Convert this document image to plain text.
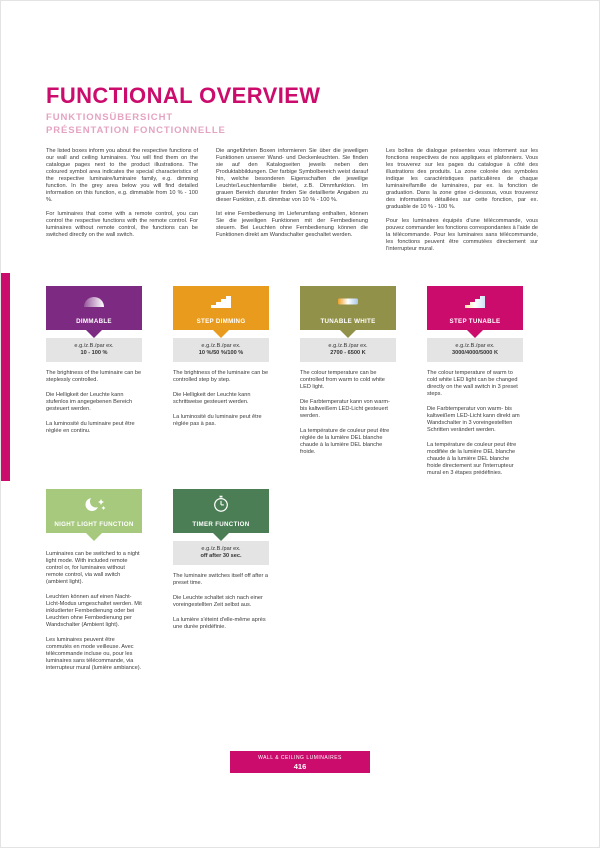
FUNCTIONAL OVERVIEW
FUNKTIONSÜBERSICHT
PRÉSENTATION FONCTIONNELLE

The listed boxes inform you about the respective functions of our wall and ceiling luminaires. You will find them on the catalogue pages next to the product illustrations. The coloured symbol area indicates the special characteristics of the respective luminaire/luminaire family, e.g. dimming function. In the grey area below you will find detailed information on this function, e.g. dimmable from 10 % - 100 %.

For luminaires that come with a remote control, you can control the respective functions with the remote control. For luminaires without remote control, the functions can be switched directly on the wall switch.

Die angeführten Boxen informieren Sie über die jeweiligen Funktionen unserer Wand- und Deckenleuchten. Sie finden sie auf den Katalogseiten jeweils neben den Produktabbildungen. Der farbige Symbolbereich weist darauf hin, welche besonderen Eigenschaften die jeweilige Leuchte/Leuchtenfamilie bietet, z.B. Dimmfunktion. Im grauen Bereich darunter finden Sie detaillierte Angaben zu dieser Funktion, z.B. dimmbar von 10 % - 100 %.

Ist eine Fernbedienung im Lieferumfang enthalten, können Sie die jeweiligen Funktionen mit der Fernbedienung steuern. Bei Leuchten ohne Fernbedienung können die Funktionen direkt am Wandschalter geschaltet werden.

Les boîtes de dialogue présentes vous informent sur les fonctions respectives de nos appliques et plafonniers. Vous les trouverez sur les pages du catalogue à côté des illustrations des produits. La zone colorée des symboles indique les caractéristiques particulières de chaque luminaire/famille de luminaires, par ex. la fonction de graduation. Dans la zone grise ci-dessous, vous trouverez des informations détaillées sur cette fonction, par ex. graduable de 10 % - 100 %.

Pour les luminaires équipés d'une télécommande, vous pouvez commander les fonctions correspondantes à l'aide de la télécommande. Pour les luminaires sans télécommande, les fonctions peuvent être commutées directement sur l'interrupteur mural.

DIMMABLE
e.g./z.B./par ex.
10 - 100 %

The brightness of the luminaire can be steplessly controlled.

Die Helligkeit der Leuchte kann stufenlos im angegebenen Bereich gesteuert werden.

La luminosité du luminaire peut être réglée en continu.

STEP DIMMING
e.g./z.B./par ex.
10 %/50 %/100 %

The brightness of the luminaire can be controlled step by step.

Die Helligkeit der Leuchte kann schrittweise gesteuert werden.

La luminosité du luminaire peut être réglée pas à pas.

TUNABLE WHITE
e.g./z.B./par ex.
2700 - 6500 K

The colour temperature can be controlled from warm to cold white LED light.

Die Farbtemperatur kann von warm- bis kaltweißem LED-Licht gesteuert werden.

La température de couleur peut être réglée de la lumière DEL blanche chaude à la lumière DEL blanche froide.

STEP TUNABLE
e.g./z.B./par ex.
3000/4000/5000 K

The colour temperature of warm to cold white LED light can be changed directly on the wall switch in 3 preset steps.

Die Farbtemperatur von warm- bis kaltweißem LED-Licht kann direkt am Wandschalter in 3 voreingestellten Schritten verändert werden.

La température de couleur peut être modifiée de la lumière DEL blanche chaude à la lumière DEL blanche froide directement sur l'interrupteur mural en 3 étapes prédéfinies.

NIGHT LIGHT FUNCTION

Luminaires can be switched to a night light mode. With included remote control or, for luminaires without remote control, via wall switch (ambient light).

Leuchten können auf einen Nacht-Licht-Modus umgeschaltet werden. Mit inkludierter Fernbedienung oder bei Leuchten ohne Fernbedienung per Wandschalter (Ambient light).

Les luminaires peuvent être commutés en mode veilleuse. Avec télécommande incluse ou, pour les luminaires sans télécommande, via interrupteur mural (lumière ambiance).

TIMER FUNCTION
e.g./z.B./par ex.
off after 30 sec.

The luminaire switches itself off after a preset time.

Die Leuchte schaltet sich nach einer voreingestellten Zeit selbst aus.

La lumière s'éteint d'elle-même après une durée prédéfinie.

WALL & CEILING LUMINAIRES
416
